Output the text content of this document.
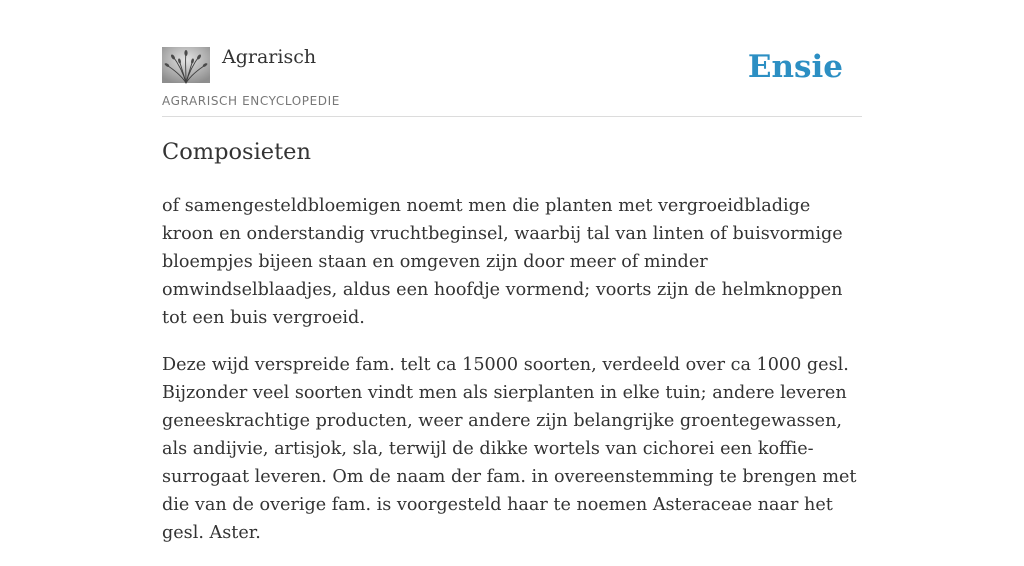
Agrarisch
AGRARISCH ENCYCLOPEDIE
Ensie
Composieten

of samengesteldbloemigen noemt men die planten met vergroeidbladige kroon en onderstandig vruchtbeginsel, waarbij tal van linten of buisvormige bloempjes bijeen staan en omgeven zijn door meer of minder omwindselblaadjes, aldus een hoofdje vormend; voorts zijn de helmknoppen tot een buis vergroeid.

Deze wijd verspreide fam. telt ca 15000 soorten, verdeeld over ca 1000 gesl. Bijzonder veel soorten vindt men als sierplanten in elke tuin; andere leveren geneeskrachtige producten, weer andere zijn belangrijke groentegewassen, als andijvie, artisjok, sla, terwijl de dikke wortels van cichorei een koffie-surrogaat leveren. Om de naam der fam. in overeenstemming te brengen met die van de overige fam. is voorgesteld haar te noemen Asteraceae naar het gesl. Aster.
